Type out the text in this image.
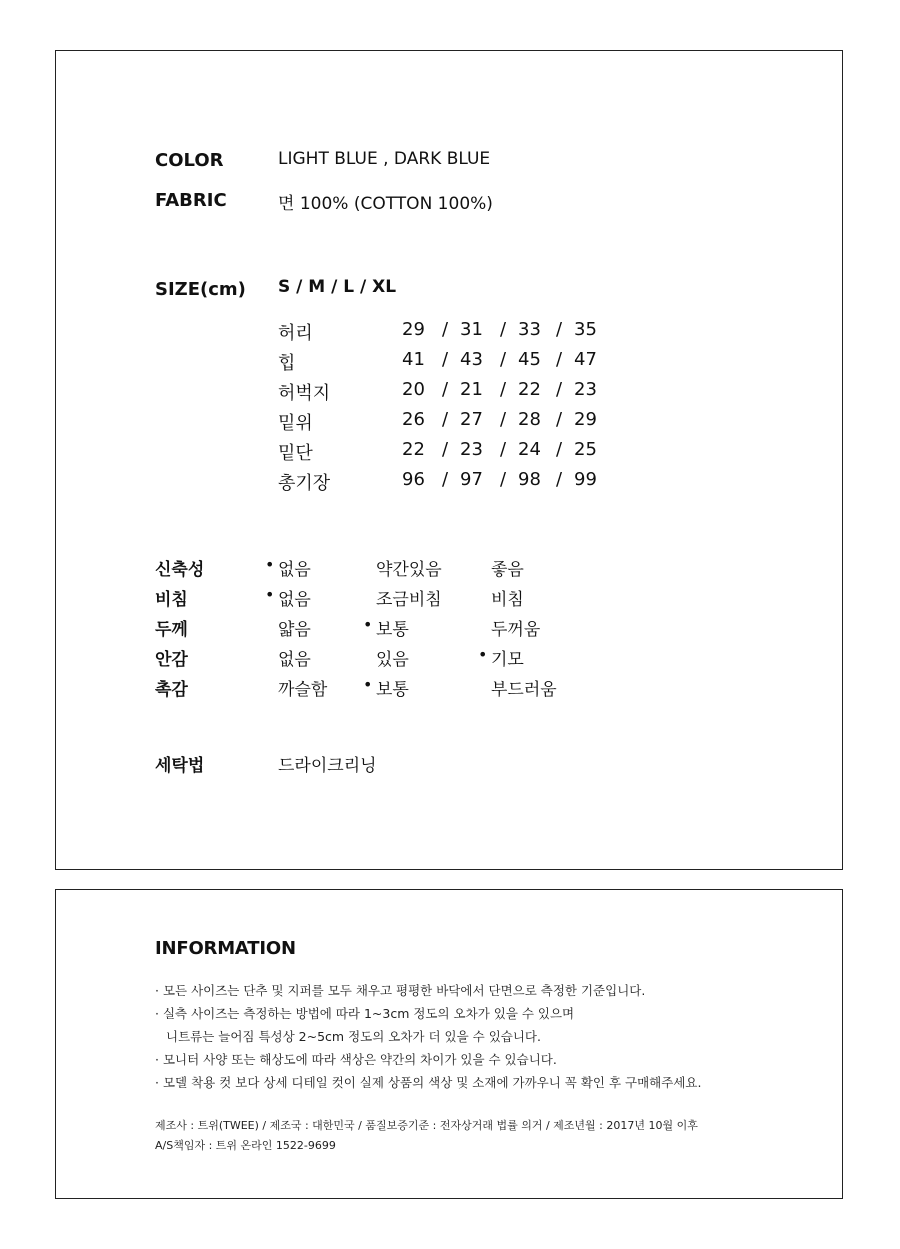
COLOR	LIGHT BLUE , DARK BLUE
FABRIC	면 100% (COTTON 100%)
SIZE(cm) S / M / L / XL
허리	29 / 31 / 33 / 35
힙	41 / 43 / 45 / 47
허벅지	20 / 21 / 22 / 23
밑위	26 / 27 / 28 / 29
밑단	22 / 23 / 24 / 25
총기장	96 / 97 / 98 / 99
신축성	• 없음	약간있음	좋음
비침	• 없음	조금비침	비침
두께	얇음	• 보통	두꺼움
안감	없음	있음	• 기모
촉감	까슬함	• 보통	부드러움
세탁법	드라이크리닝
INFORMATION
· 모든 사이즈는 단추 및 지퍼를 모두 채우고 평평한 바닥에서 단면으로 측정한 기준입니다.
· 실측 사이즈는 측정하는 방법에 따라 1~3cm 정도의 오차가 있을 수 있으며
니트류는 늘어짐 특성상 2~5cm 정도의 오차가 더 있을 수 있습니다.
· 모니터 사양 또는 해상도에 따라 색상은 약간의 차이가 있을 수 있습니다.
· 모델 착용 컷 보다 상세 디테일 컷이 실제 상품의 색상 및 소재에 가까우니 꼭 확인 후 구매해주세요.
제조사 : 트위(TWEE) / 제조국 : 대한민국 / 품질보증기준 : 전자상거래 법률 의거 / 제조년월 : 2017년 10월 이후
A/S책임자 : 트위 온라인 1522-9699
